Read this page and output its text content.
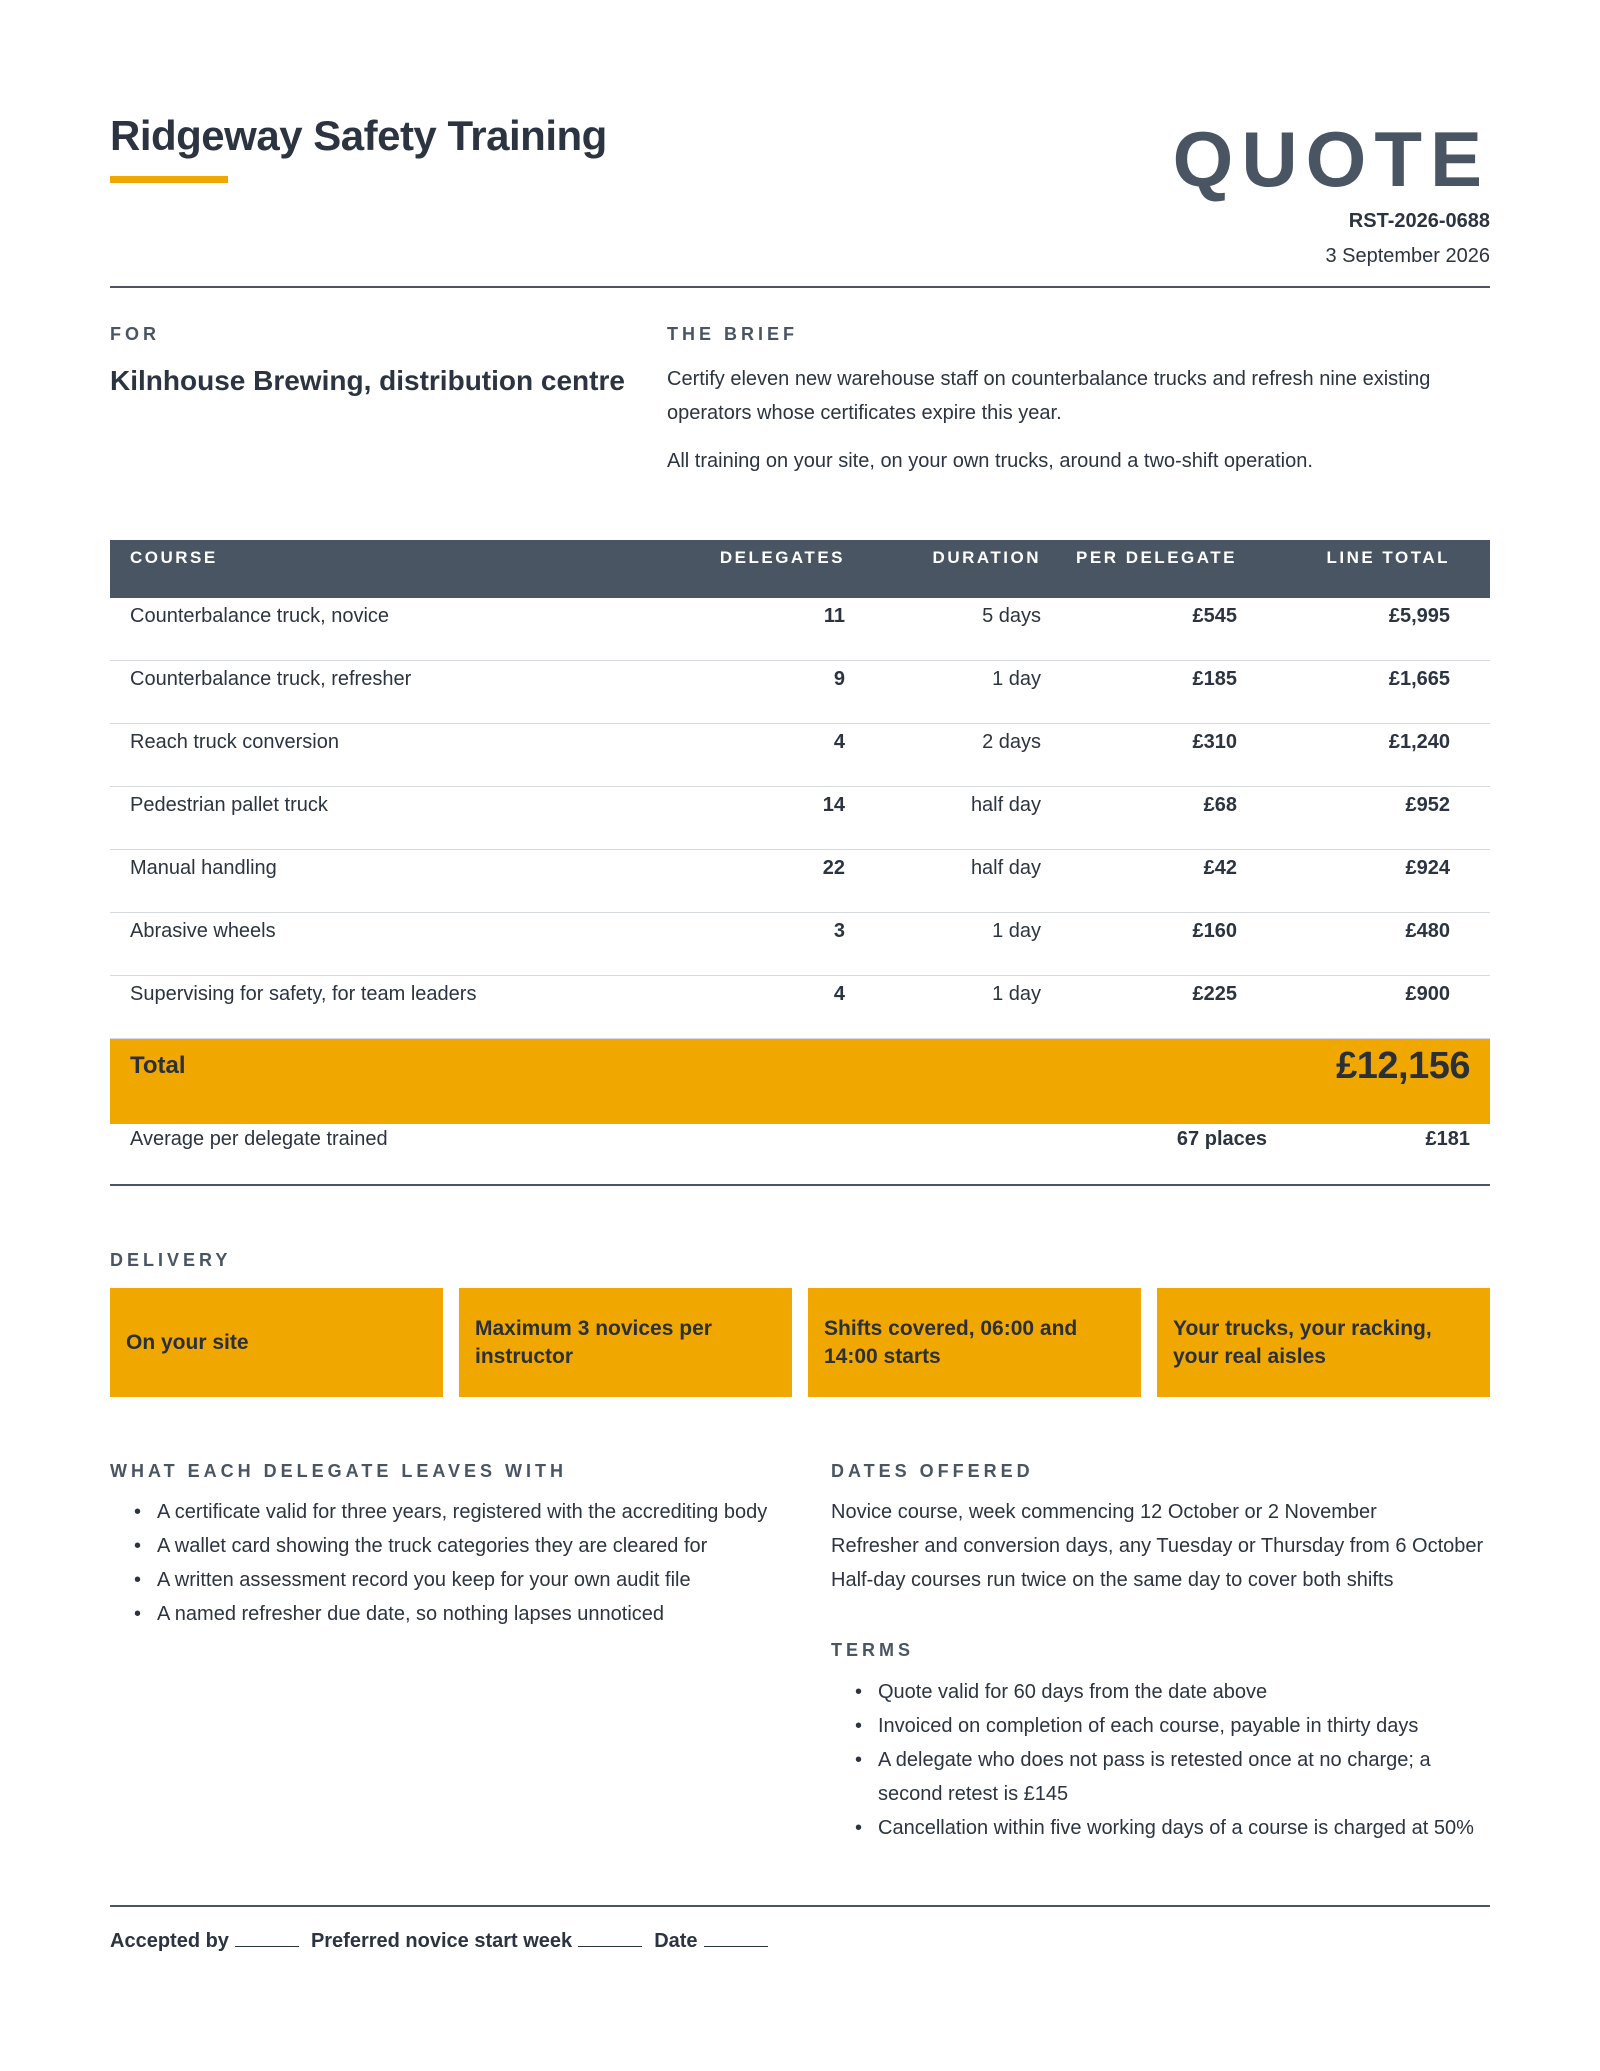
Ridgeway Safety Training	QUOTE
RST-2026-0688
3 September 2026
FOR
Kilnhouse Brewing, distribution centre
THE BRIEF

Certify eleven new warehouse staff on counterbalance trucks and refresh nine existing operators whose certificates expire this year.

All training on your site, on your own trucks, around a two-shift operation.

COURSE	DELEGATES	DURATION	PER DELEGATE	LINE TOTAL
Counterbalance truck, novice	11	5 days	£545	£5,995
Counterbalance truck, refresher	9	1 day	£185	£1,665
Reach truck conversion	4	2 days	£310	£1,240
Pedestrian pallet truck	14	half day	£68	£952
Manual handling	22	half day	£42	£924
Abrasive wheels	3	1 day	£160	£480
Supervising for safety, for team leaders	4	1 day	£225	£900
Total	£12,156
Average per delegate trained	67 places	£181
DELIVERY
On your site
Maximum 3 novices per instructor
Shifts covered, 06:00 and 14:00 starts
Your trucks, your racking, your real aisles
WHAT EACH DELEGATE LEAVES WITH
• A certificate valid for three years, registered with the accrediting body
• A wallet card showing the truck categories they are cleared for
• A written assessment record you keep for your own audit file
• A named refresher due date, so nothing lapses unnoticed
DATES OFFERED
Novice course, week commencing 12 October or 2 November
Refresher and conversion days, any Tuesday or Thursday from 6 October
Half-day courses run twice on the same day to cover both shifts
TERMS
• Quote valid for 60 days from the date above
• Invoiced on completion of each course, payable in thirty days
• A delegate who does not pass is retested once at no charge; a second retest is £145
• Cancellation within five working days of a course is charged at 50%
Accepted by	Preferred novice start week	Date
